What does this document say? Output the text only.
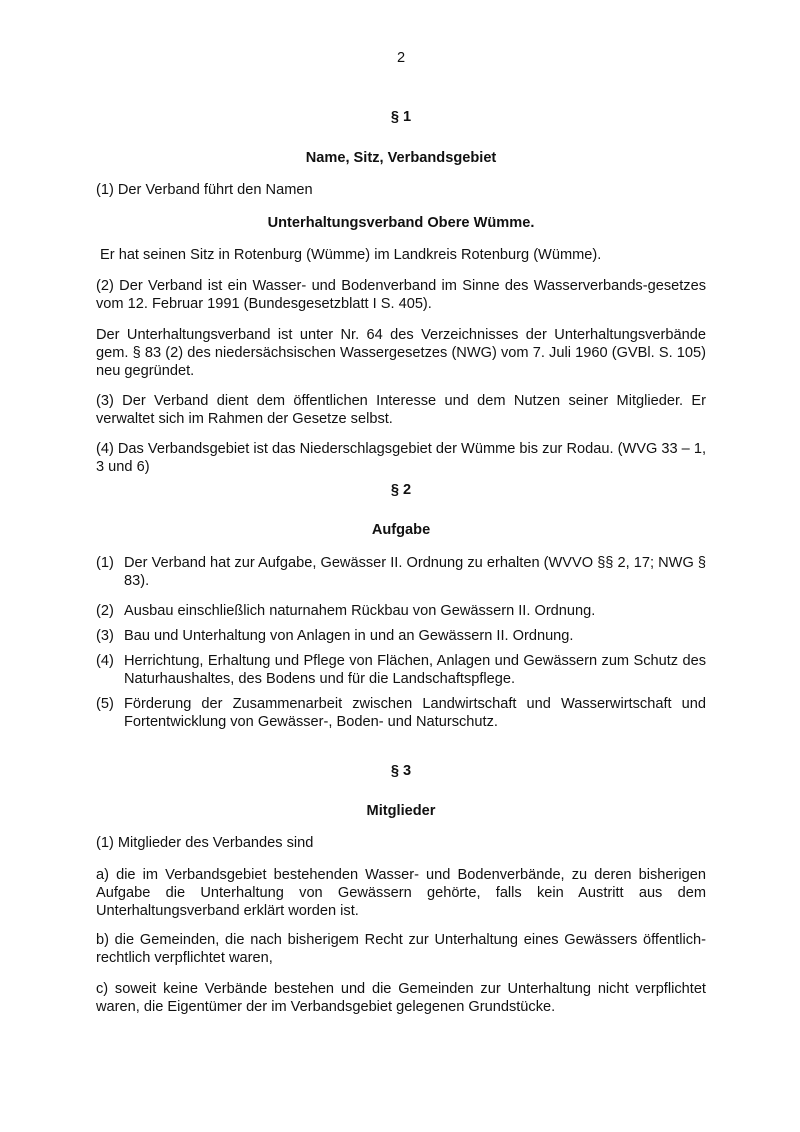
2
§ 1
Name, Sitz, Verbandsgebiet
(1) Der Verband führt den Namen
Unterhaltungsverband Obere Wümme.
Er hat seinen Sitz in Rotenburg (Wümme) im Landkreis Rotenburg (Wümme).
(2) Der Verband ist ein Wasser- und Bodenverband im Sinne des Wasserverbands-gesetzes vom 12. Februar 1991 (Bundesgesetzblatt I S. 405).
Der Unterhaltungsverband ist unter Nr. 64 des Verzeichnisses der Unterhaltungsverbände gem. § 83 (2) des niedersächsischen Wassergesetzes (NWG) vom 7. Juli 1960 (GVBl. S. 105) neu gegründet.
(3) Der Verband dient dem öffentlichen Interesse und dem Nutzen seiner Mitglieder. Er verwaltet sich im Rahmen der Gesetze selbst.
(4) Das Verbandsgebiet ist das Niederschlagsgebiet der Wümme bis zur Rodau. (WVG 33 – 1, 3 und 6)
§ 2
Aufgabe
(1) Der Verband hat zur Aufgabe, Gewässer II. Ordnung zu erhalten (WVVO §§ 2, 17; NWG § 83).
(2) Ausbau einschließlich naturnahem Rückbau von Gewässern II. Ordnung.
(3) Bau und Unterhaltung von Anlagen in und an Gewässern II. Ordnung.
(4) Herrichtung, Erhaltung und Pflege von Flächen, Anlagen und Gewässern zum Schutz des Naturhaushaltes, des Bodens und für die Landschaftspflege.
(5) Förderung der Zusammenarbeit zwischen Landwirtschaft und Wasserwirtschaft und Fortentwicklung von Gewässer-, Boden- und Naturschutz.
§ 3
Mitglieder
(1) Mitglieder des Verbandes sind
a) die im Verbandsgebiet bestehenden Wasser- und Bodenverbände, zu deren bisherigen Aufgabe die Unterhaltung von Gewässern gehörte, falls kein Austritt aus dem Unterhaltungsverband erklärt worden ist.
b) die Gemeinden, die nach bisherigem Recht zur Unterhaltung eines Gewässers öffentlich-rechtlich verpflichtet waren,
c) soweit keine Verbände bestehen und die Gemeinden zur Unterhaltung nicht verpflichtet waren, die Eigentümer der im Verbandsgebiet gelegenen Grundstücke.
